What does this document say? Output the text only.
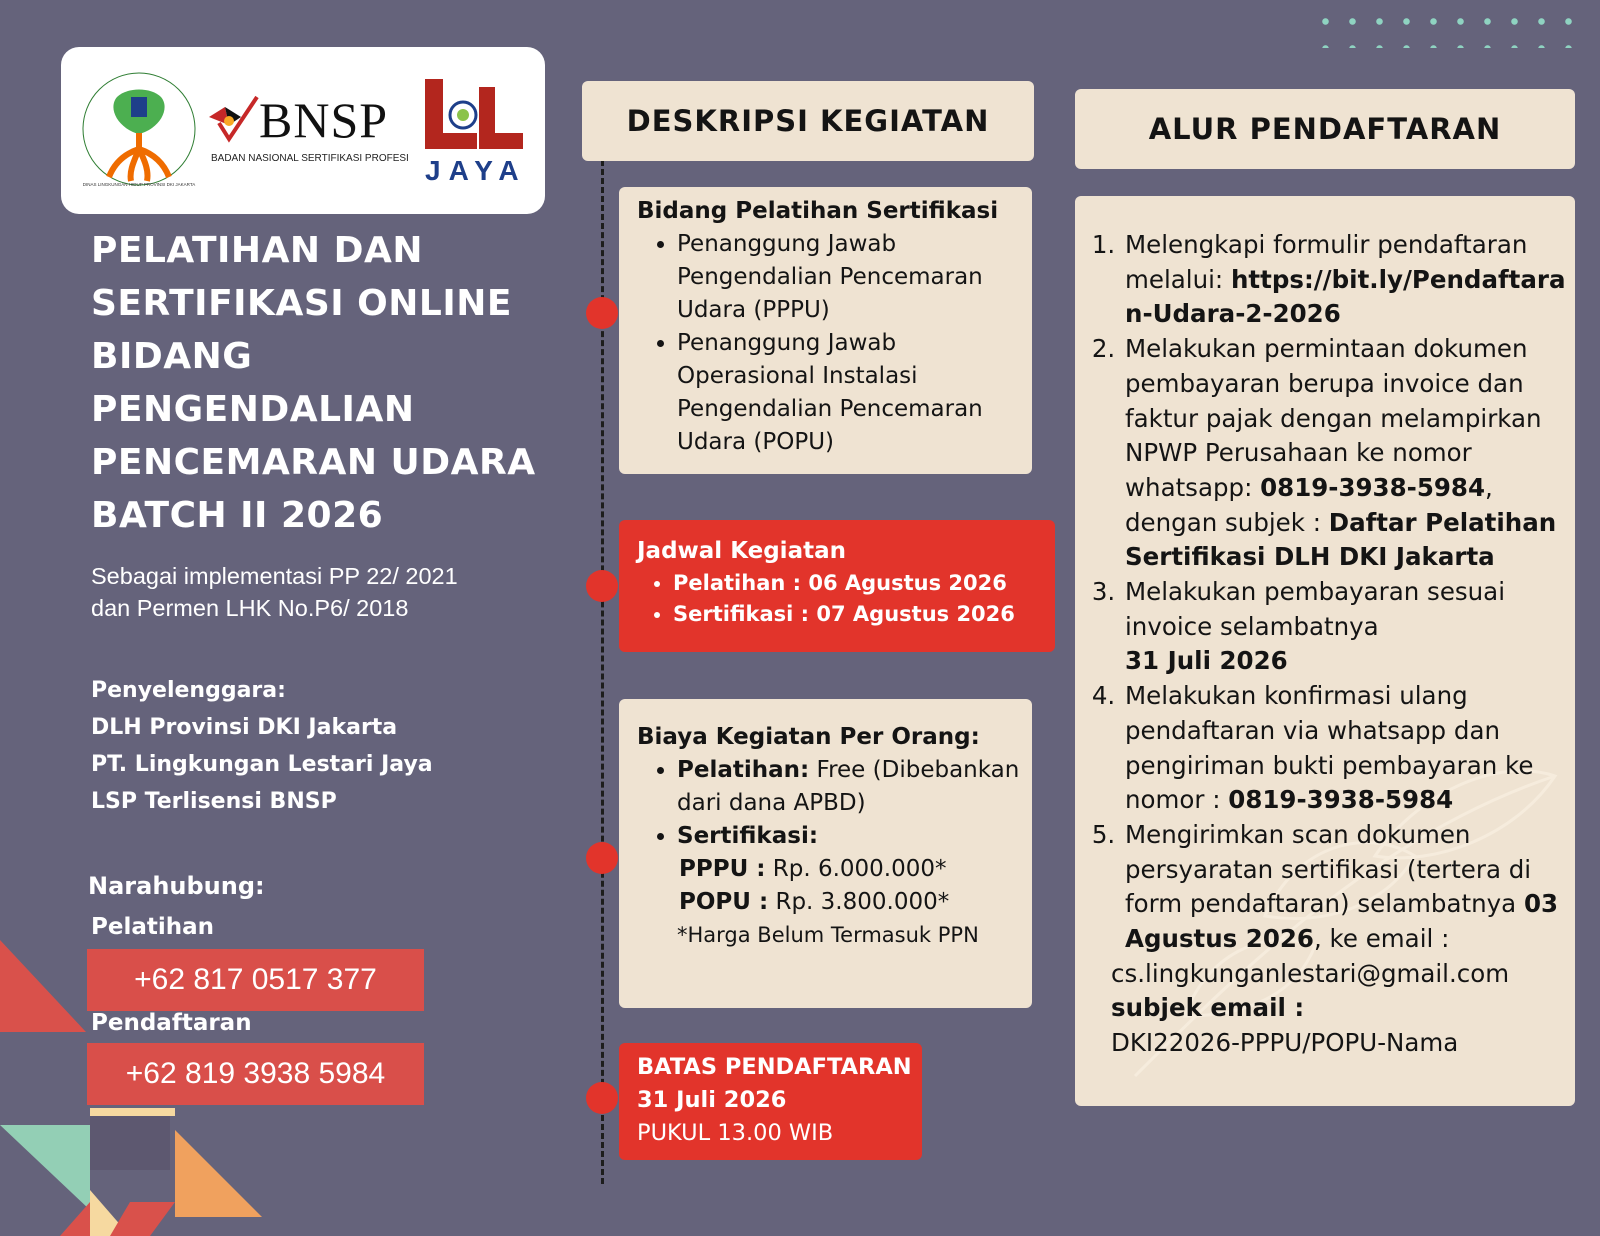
DINAS LINGKUNGAN HIDUP PROVINSI DKI JAKARTA
BNSP
BADAN NASIONAL SERTIFIKASI PROFESI JAYA
PELATIHAN DAN
SERTIFIKASI ONLINE
BIDANG
PENGENDALIAN
PENCEMARAN UDARA
BATCH II 2026
Sebagai implementasi PP 22/ 2021
dan Permen LHK No.P6/ 2018
Penyelenggara:
DLH Provinsi DKI Jakarta
PT. Lingkungan Lestari Jaya
LSP Terlisensi BNSP
Narahubung:
Pelatihan
+62 817 0517 377
Pendaftaran
+62 819 3938 5984
DESKRIPSI KEGIATAN
Bidang Pelatihan Sertifikasi
• Penanggung Jawab Pengendalian Pencemaran Udara (PPPU)
• Penanggung Jawab Operasional Instalasi Pengendalian Pencemaran Udara (POPU)
Jadwal Kegiatan
• Pelatihan : 06 Agustus 2026
• Sertifikasi : 07 Agustus 2026
Biaya Kegiatan Per Orang:
• Pelatihan: Free (Dibebankan dari dana APBD)
• Sertifikasi:
PPPU : Rp. 6.000.000*
POPU : Rp. 3.800.000*
*Harga Belum Termasuk PPN
BATAS PENDAFTARAN
31 Juli 2026
PUKUL 13.00 WIB
ALUR PENDAFTARAN
1. Melengkapi formulir pendaftaran melalui: https://bit.ly/Pendaftaran-Udara-2-2026
2. Melakukan permintaan dokumen pembayaran berupa invoice dan faktur pajak dengan melampirkan NPWP Perusahaan ke nomor whatsapp: 0819-3938-5984, dengan subjek : Daftar Pelatihan Sertifikasi DLH DKI Jakarta
3. Melakukan pembayaran sesuai invoice selambatnya
31 Juli 2026
4. Melakukan konfirmasi ulang pendaftaran via whatsapp dan pengiriman bukti pembayaran ke nomor : 0819-3938-5984
5. Mengirimkan scan dokumen persyaratan sertifikasi (tertera di form pendaftaran) selambatnya 03 Agustus 2026, ke email :
cs.lingkunganlestari@gmail.com
subjek email :
DKI22026-PPPU/POPU-Nama
